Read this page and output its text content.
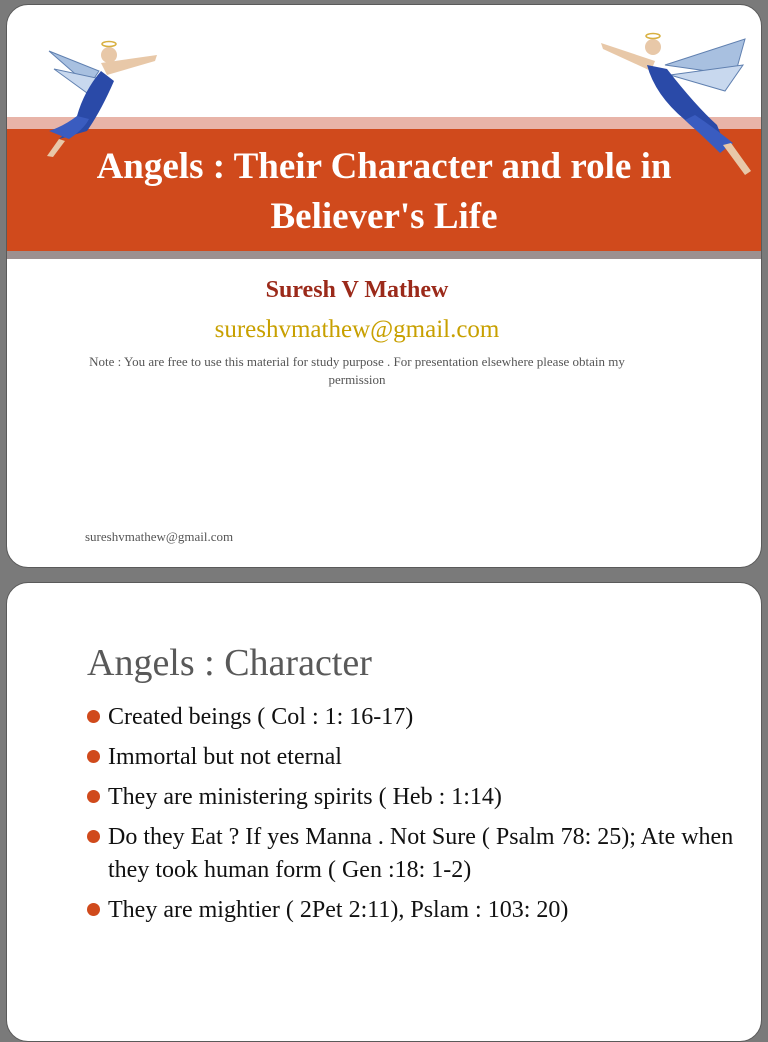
Angels : Their Character and role in
Believer's Life
Suresh V Mathew
sureshvmathew@gmail.com
Note : You are free to use this material for study purpose . For presentation elsewhere please obtain my permission
sureshvmathew@gmail.com
Angels : Character
Created beings ( Col : 1: 16-17)
Immortal but not eternal
They are ministering spirits ( Heb : 1:14)
Do they Eat ? If yes Manna . Not Sure ( Psalm 78: 25); Ate when they took human form ( Gen :18: 1-2)
They are mightier ( 2Pet 2:11), Pslam : 103: 20)
